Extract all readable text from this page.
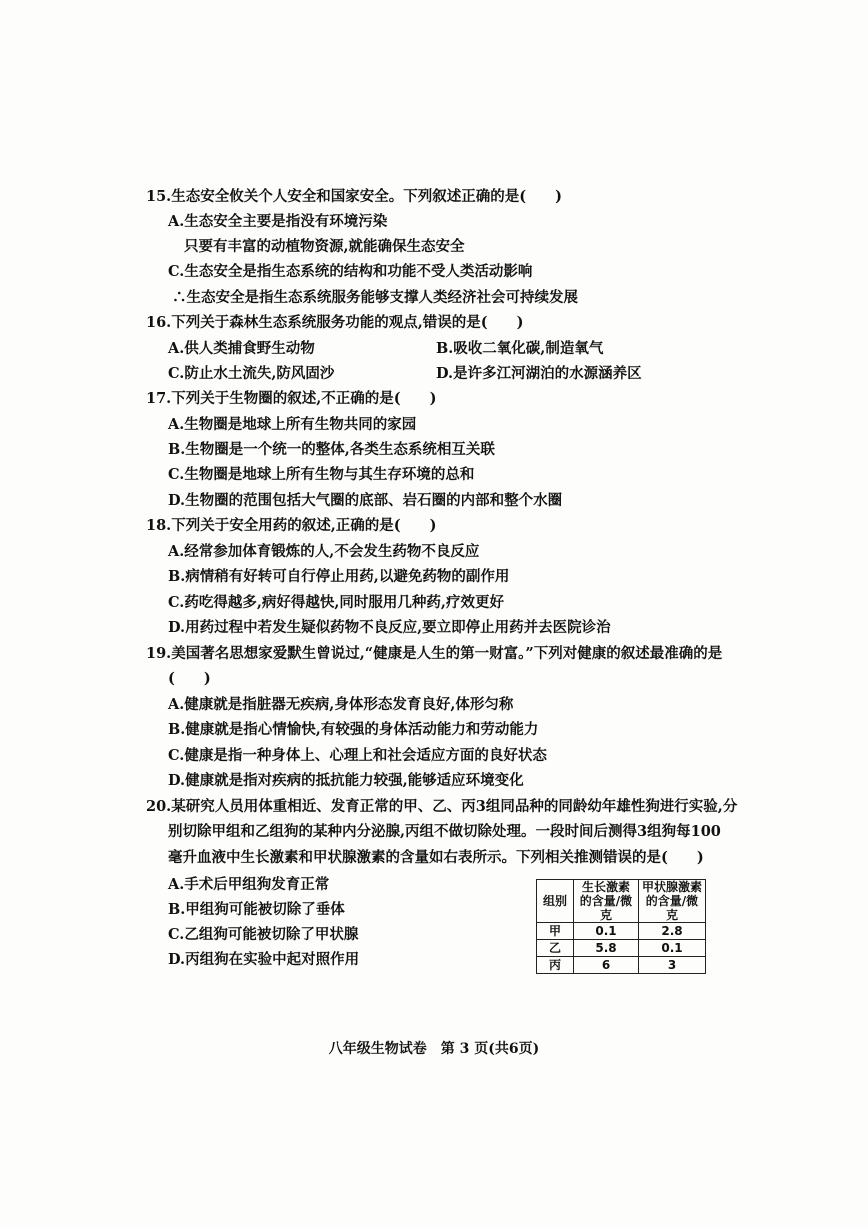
15.生态安全攸关个人安全和国家安全。下列叙述正确的是(　　)
A.生态安全主要是指没有环境污染
只要有丰富的动植物资源,就能确保生态安全
C.生态安全是指生态系统的结构和功能不受人类活动影响
∴生态安全是指生态系统服务能够支撑人类经济社会可持续发展
16.下列关于森林生态系统服务功能的观点,错误的是(　　)
A.供人类捕食野生动物	B.吸收二氧化碳,制造氧气
C.防止水土流失,防风固沙	D.是许多江河湖泊的水源涵养区
17.下列关于生物圈的叙述,不正确的是(　　)
A.生物圈是地球上所有生物共同的家园
B.生物圈是一个统一的整体,各类生态系统相互关联
C.生物圈是地球上所有生物与其生存环境的总和
D.生物圈的范围包括大气圈的底部、岩石圈的内部和整个水圈
18.下列关于安全用药的叙述,正确的是(　　)
A.经常参加体育锻炼的人,不会发生药物不良反应
B.病情稍有好转可自行停止用药,以避免药物的副作用
C.药吃得越多,病好得越快,同时服用几种药,疗效更好
D.用药过程中若发生疑似药物不良反应,要立即停止用药并去医院诊治
19.美国著名思想家爱默生曾说过,“健康是人生的第一财富。”下列对健康的叙述最准确的是
(　　)
A.健康就是指脏器无疾病,身体形态发育良好,体形匀称
B.健康就是指心情愉快,有较强的身体活动能力和劳动能力
C.健康是指一种身体上、心理上和社会适应方面的良好状态
D.健康就是指对疾病的抵抗能力较强,能够适应环境变化
20.某研究人员用体重相近、发育正常的甲、乙、丙3组同品种的同龄幼年雄性狗进行实验,分
别切除甲组和乙组狗的某种内分泌腺,丙组不做切除处理。一段时间后测得3组狗每100
毫升血液中生长激素和甲状腺激素的含量如右表所示。下列相关推测错误的是(　　)
A.手术后甲组狗发育正常
B.甲组狗可能被切除了垂体
C.乙组狗可能被切除了甲状腺
D.丙组狗在实验中起对照作用
组别	生长激素的含量/微克	甲状腺激素的含量/微克
甲	0.1	2.8
乙	5.8	0.1
丙	6	3
八年级生物试卷　第 3 页(共6页)
